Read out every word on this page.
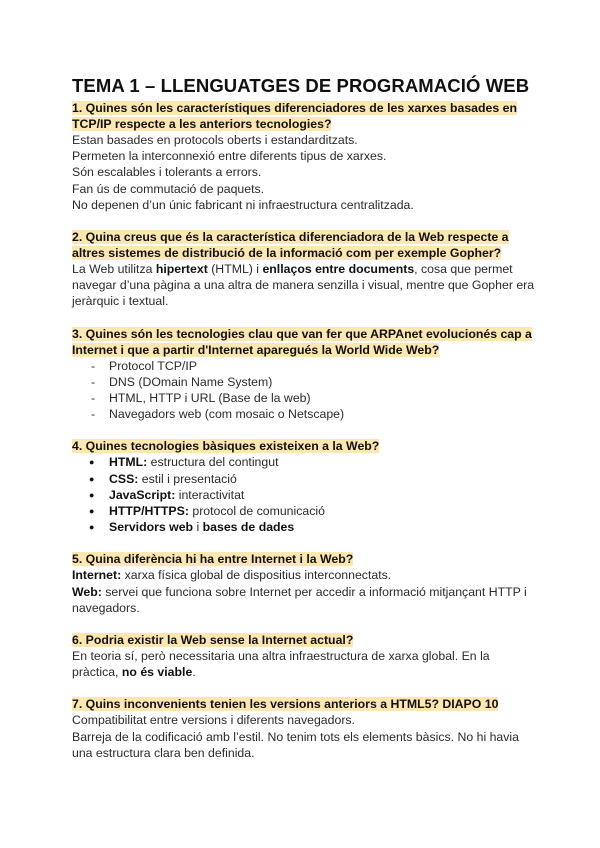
TEMA 1 – LLENGUATGES DE PROGRAMACIÓ WEB

1. Quines són les característiques diferenciadores de les xarxes basades en
TCP/IP respecte a les anteriors tecnologies?

Estan basades en protocols oberts i estandarditzats.

Permeten la interconnexió entre diferents tipus de xarxes.

Són escalables i tolerants a errors.

Fan ús de commutació de paquets.

No depenen d’un únic fabricant ni infraestructura centralitzada.

2. Quina creus que és la característica diferenciadora de la Web respecte a
altres sistemes de distribució de la informació com per exemple Gopher?

La Web utilitza hipertext (HTML) i enllaços entre documents, cosa que permet

navegar d’una pàgina a una altra de manera senzilla i visual, mentre que Gopher era

jeràrquic i textual.

3. Quines són les tecnologies clau que van fer que ARPAnet evolucionés cap a
Internet i que a partir d'Internet aparegués la World Wide Web?

- Protocol TCP/IP
- DNS (DOmain Name System)
- HTML, HTTP i URL (Base de la web)
- Navegadors web (com mosaic o Netscape)

4. Quines tecnologies bàsiques existeixen a la Web?

● HTML: estructura del contingut
● CSS: estil i presentació
● JavaScript: interactivitat
● HTTP/HTTPS: protocol de comunicació
● Servidors web i bases de dades

5. Quina diferència hi ha entre Internet i la Web?

Internet: xarxa física global de dispositius interconnectats.

Web: servei que funciona sobre Internet per accedir a informació mitjançant HTTP i

navegadors.

6. Podria existir la Web sense la Internet actual?

En teoria sí, però necessitaria una altra infraestructura de xarxa global. En la

pràctica, no és viable.

7. Quins inconvenients tenien les versions anteriors a HTML5? DIAPO 10

Compatibilitat entre versions i diferents navegadors.

Barreja de la codificació amb l’estil. No tenim tots els elements bàsics. No hi havia

una estructura clara ben definida.
